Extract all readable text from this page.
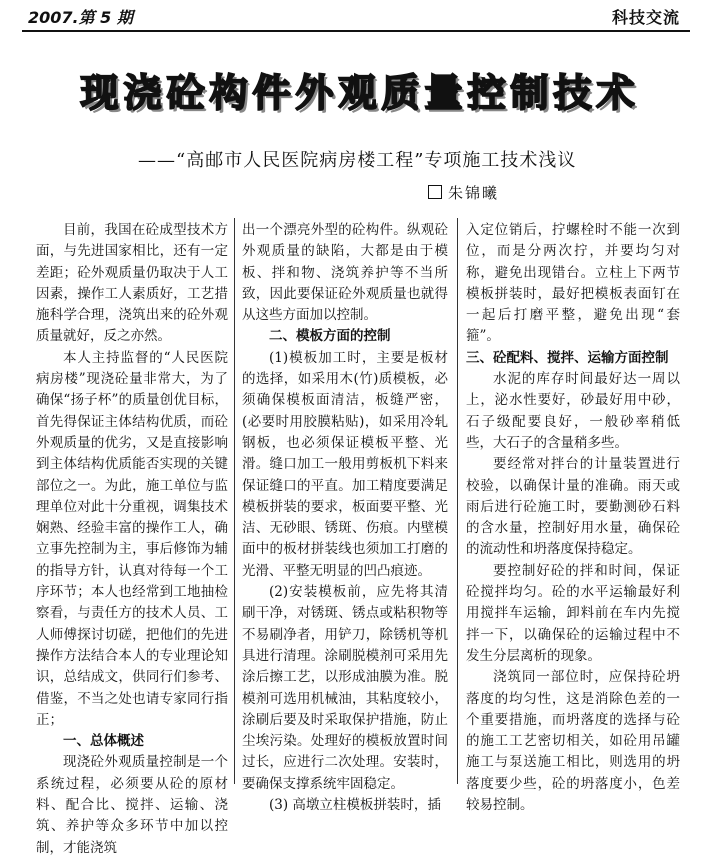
2007.第 5 期	科技交流
现浇砼构件外观质量控制技术
——“高邮市人民医院病房楼工程”专项施工技术浅议
朱锦曦

目前，我国在砼成型技术方面，与先进国家相比，还有一定差距；砼外观质量仍取决于人工因素，操作工人素质好，工艺措施科学合理，浇筑出来的砼外观质量就好，反之亦然。

本人主持监督的“人民医院病房楼”现浇砼量非常大，为了确保“扬子杯”的质量创优目标，首先得保证主体结构优质，而砼外观质量的优劣，又是直接影响到主体结构优质能否实现的关键部位之一。为此，施工单位与监理单位对此十分重视，调集技术娴熟、经验丰富的操作工人，确立事先控制为主，事后修饰为辅的指导方针，认真对待每一个工序环节；本人也经常到工地抽检察看，与责任方的技术人员、工人师傅探讨切磋，把他们的先进操作方法结合本人的专业理论知识，总结成文，供同行们参考、借鉴，不当之处也请专家同行指正；

一、总体概述

现浇砼外观质量控制是一个系统过程，必须要从砼的原材料、配合比、搅拌、运输、浇筑、养护等众多环节中加以控制，才能浇筑

出一个漂亮外型的砼构件。纵观砼外观质量的缺陷，大都是由于模板、拌和物、浇筑养护等不当所致，因此要保证砼外观质量也就得从这些方面加以控制。

二、模板方面的控制

(1)模板加工时，主要是板材的选择，如采用木(竹)质模板，必须确保模板面清洁，板缝严密，(必要时用胶膜粘贴)，如采用冷轧钢板，也必须保证模板平整、光滑。缝口加工一般用剪板机下料来保证缝口的平直。加工精度要满足模板拼装的要求，板面要平整、光洁、无砂眼、锈斑、伤痕。内壁模面中的板材拼装线也须加工打磨的光滑、平整无明显的凹凸痕迹。

(2)安装模板前，应先将其清刷干净，对锈斑、锈点或粘积物等不易刷净者，用铲刀，除锈机等机具进行清理。涂刷脱模剂可采用先涂后擦工艺，以形成油膜为准。脱模剂可选用机械油，其粘度较小，涂刷后要及时采取保护措施，防止尘埃污染。处理好的模板放置时间过长，应进行二次处理。安装时，要确保支撑系统牢固稳定。

(3) 高墩立柱模板拼装时，插

入定位销后，拧螺栓时不能一次到位，而是分两次拧，并要均匀对称，避免出现错台。立柱上下两节模板拼装时，最好把模板表面钉在一起后打磨平整，避免出现“套箍”。

三、砼配料、搅拌、运输方面控制

水泥的库存时间最好达一周以上，泌水性要好，砂最好用中砂，石子级配要良好，一般砂率稍低些，大石子的含量稍多些。

要经常对拌台的计量装置进行校验，以确保计量的准确。雨天或雨后进行砼施工时，要勤测砂石料的含水量，控制好用水量，确保砼的流动性和坍落度保持稳定。

要控制好砼的拌和时间，保证砼搅拌均匀。砼的水平运输最好利用搅拌车运输，卸料前在车内先搅拌一下，以确保砼的运输过程中不发生分层离析的现象。

浇筑同一部位时，应保持砼坍落度的均匀性，这是消除色差的一个重要措施，而坍落度的选择与砼的施工工艺密切相关，如砼用吊罐施工与泵送施工相比，则选用的坍落度要少些，砼的坍落度小，色差较易控制。
